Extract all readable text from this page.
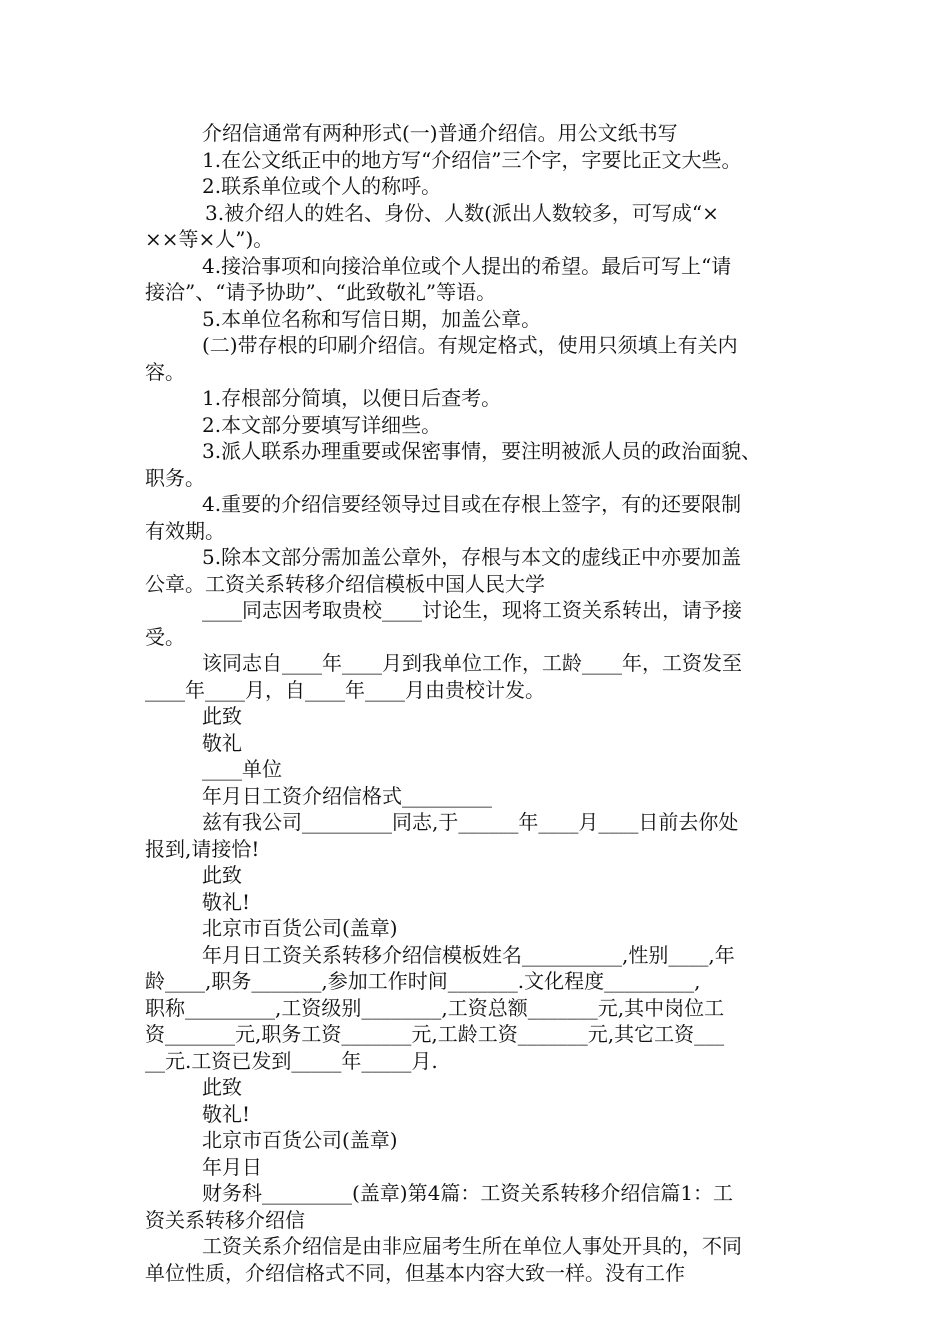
介绍信通常有两种形式(一)普通介绍信。用公文纸书写
1.在公文纸正中的地方写“介绍信”三个字，字要比正文大些。
2.联系单位或个人的称呼。
3.被介绍人的姓名、身份、人数(派出人数较多，可写成“×
××等×人”)。
4.接洽事项和向接洽单位或个人提出的希望。最后可写上“请
接洽”、“请予协助”、“此致敬礼”等语。
5.本单位名称和写信日期，加盖公章。
(二)带存根的印刷介绍信。有规定格式，使用只须填上有关内
容。
1.存根部分简填，以便日后查考。
2.本文部分要填写详细些。
3.派人联系办理重要或保密事情，要注明被派人员的政治面貌、
职务。
4.重要的介绍信要经领导过目或在存根上签字，有的还要限制
有效期。
5.除本文部分需加盖公章外，存根与本文的虚线正中亦要加盖
公章。工资关系转移介绍信模板中国人民大学
____同志因考取贵校____讨论生，现将工资关系转出，请予接
受。
该同志自____年____月到我单位工作，工龄____年，工资发至
____年____月，自____年____月由贵校计发。
此致
敬礼
____单位
年月日工资介绍信格式_________
兹有我公司_________同志,于______年____月____日前去你处
报到,请接恰!
此致
敬礼!
北京市百货公司(盖章)
年月日工资关系转移介绍信模板姓名__________,性别____,年
龄____,职务_______,参加工作时间_______.文化程度_________,
职称_________,工资级别________,工资总额_______元,其中岗位工
资_______元,职务工资_______元,工龄工资_______元,其它工资___
__元.工资已发到_____年_____月.
此致
敬礼!
北京市百货公司(盖章)
年月日
财务科_________(盖章)第4篇：工资关系转移介绍信篇1：工
资关系转移介绍信
工资关系介绍信是由非应届考生所在单位人事处开具的，不同
单位性质，介绍信格式不同，但基本内容大致一样。没有工作
